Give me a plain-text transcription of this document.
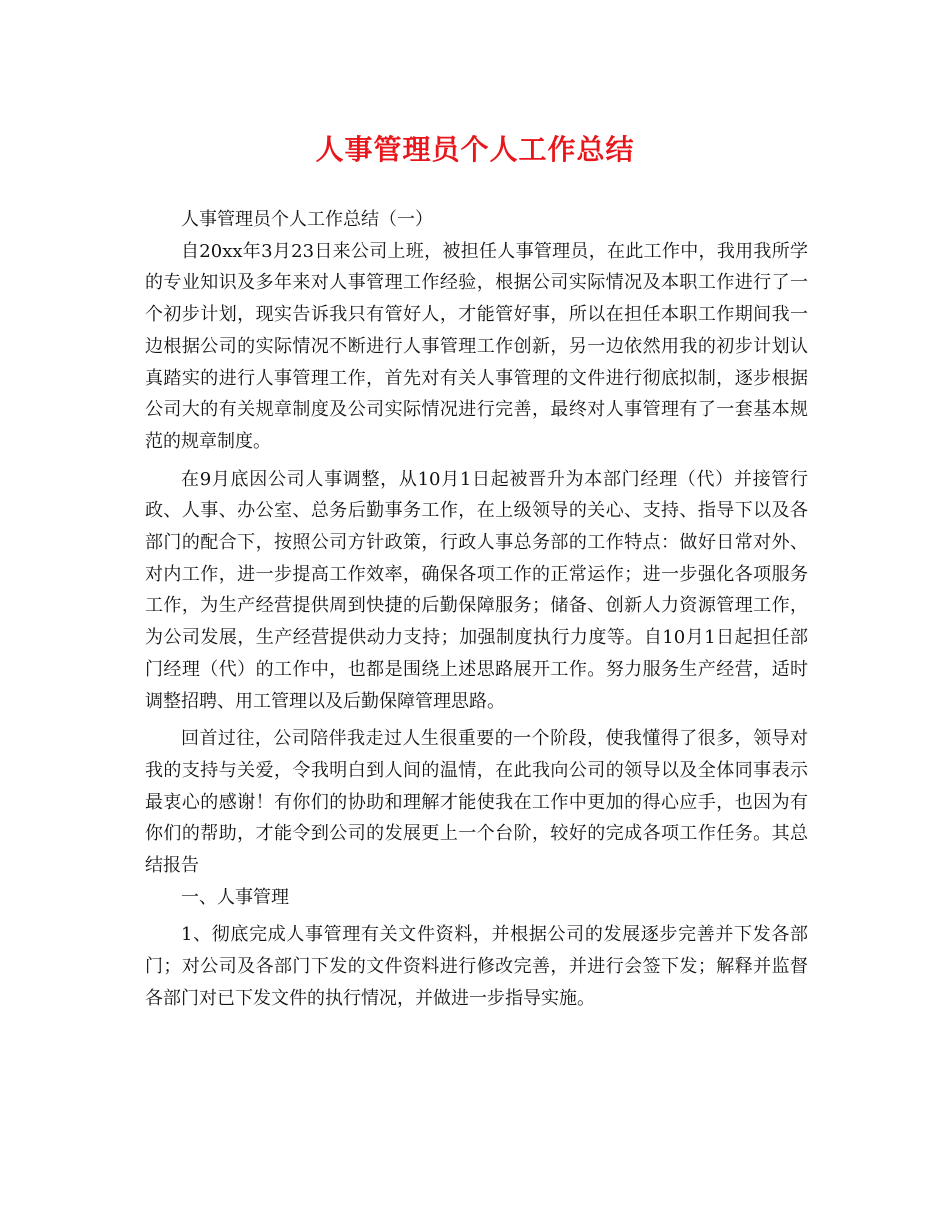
人事管理员个人工作总结

人事管理员个人工作总结（一）

自20xx年3月23日来公司上班，被担任人事管理员，在此工作中，我用我所学的专业知识及多年来对人事管理工作经验，根据公司实际情况及本职工作进行了一个初步计划，现实告诉我只有管好人，才能管好事，所以在担任本职工作期间我一边根据公司的实际情况不断进行人事管理工作创新，另一边依然用我的初步计划认真踏实的进行人事管理工作，首先对有关人事管理的文件进行彻底拟制，逐步根据公司大的有关规章制度及公司实际情况进行完善，最终对人事管理有了一套基本规范的规章制度。

在9月底因公司人事调整，从10月1日起被晋升为本部门经理（代）并接管行政、人事、办公室、总务后勤事务工作，在上级领导的关心、支持、指导下以及各部门的配合下，按照公司方针政策，行政人事总务部的工作特点：做好日常对外、对内工作，进一步提高工作效率，确保各项工作的正常运作；进一步强化各项服务工作，为生产经营提供周到快捷的后勤保障服务；储备、创新人力资源管理工作，为公司发展，生产经营提供动力支持；加强制度执行力度等。自10月1日起担任部门经理（代）的工作中，也都是围绕上述思路展开工作。努力服务生产经营，适时调整招聘、用工管理以及后勤保障管理思路。

回首过往，公司陪伴我走过人生很重要的一个阶段，使我懂得了很多，领导对我的支持与关爱，令我明白到人间的温情，在此我向公司的领导以及全体同事表示最衷心的感谢！有你们的协助和理解才能使我在工作中更加的得心应手，也因为有你们的帮助，才能令到公司的发展更上一个台阶，较好的完成各项工作任务。其总结报告

一、人事管理

1、彻底完成人事管理有关文件资料，并根据公司的发展逐步完善并下发各部门；对公司及各部门下发的文件资料进行修改完善，并进行会签下发；解释并监督各部门对已下发文件的执行情况，并做进一步指导实施。
